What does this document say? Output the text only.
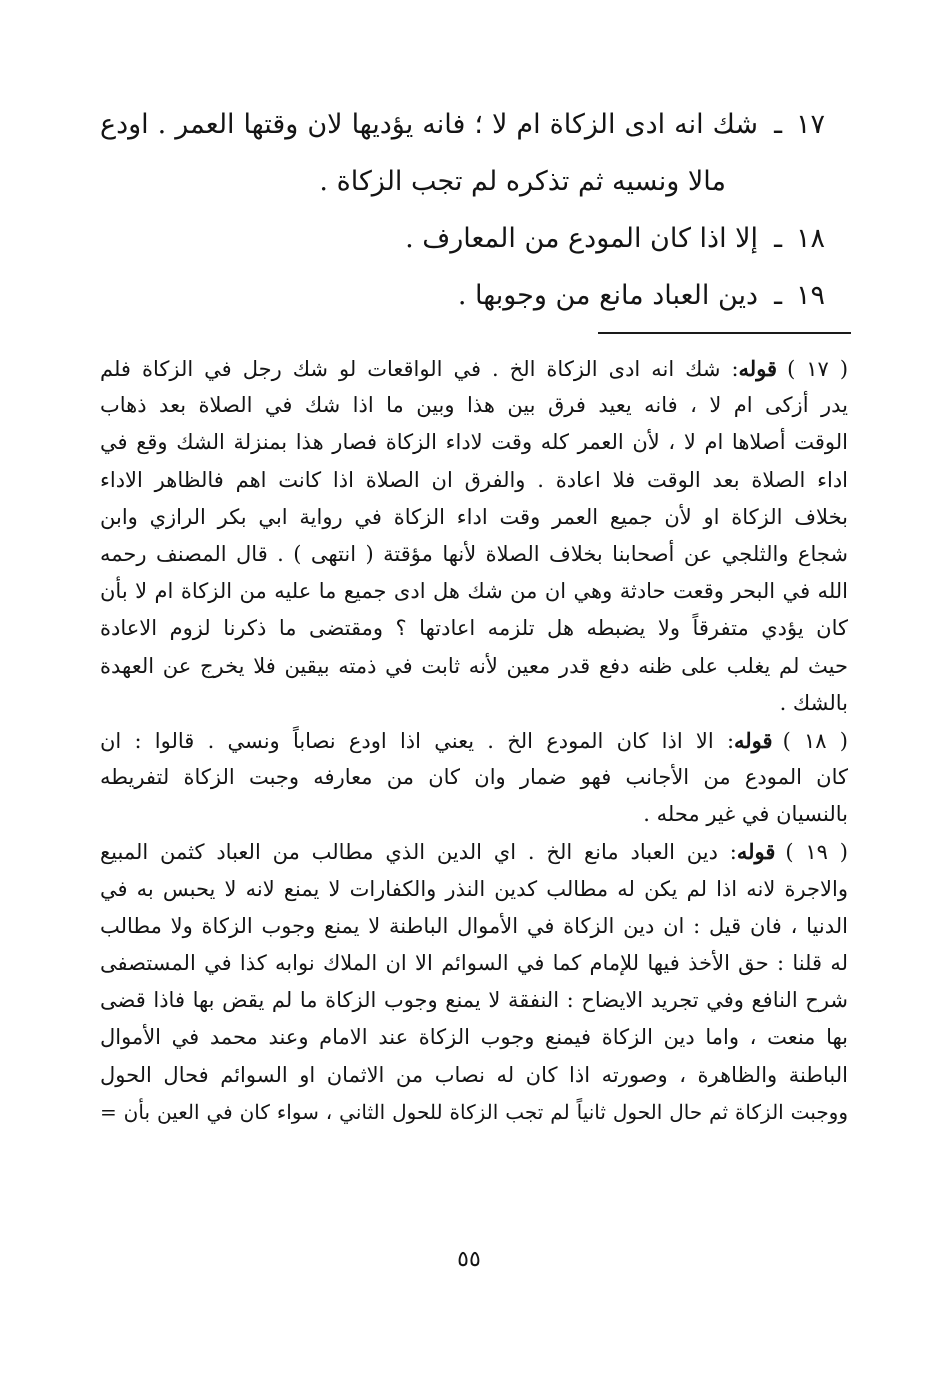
١٧ـشك انه ادى الزكاة ام لا ؛ فانه يؤديها لان وقتها العمر . اودع
مالا ونسيه ثم تذكره لم تجب الزكاة .
١٨ـإلا اذا كان المودع من المعارف .
١٩ـدين العباد مانع من وجوبها .
( ١٧ )قوله: شك انه ادى الزكاة الخ . في الواقعات لو شك رجل في الزكاة فلم
يدر أزكى ام لا ، فانه يعيد فرق بين هذا وبين ما اذا شك في الصلاة بعد ذهاب
الوقت أصلاها ام لا ، لأن العمر كله وقت لاداء الزكاة فصار هذا بمنزلة الشك وقع في
اداء الصلاة بعد الوقت فلا اعادة . والفرق ان الصلاة اذا كانت اهم فالظاهر الاداء
بخلاف الزكاة او لأن جميع العمر وقت اداء الزكاة في رواية ابي بكر الرازي وابن
شجاع والثلجي عن أصحابنا بخلاف الصلاة لأنها مؤقتة ( انتهى ) . قال المصنف رحمه
الله في البحر وقعت حادثة وهي ان من شك هل ادى جميع ما عليه من الزكاة ام لا بأن
كان يؤدي متفرقاً ولا يضبطه هل تلزمه اعادتها ؟ ومقتضى ما ذكرنا لزوم الاعادة
حيث لم يغلب على ظنه دفع قدر معين لأنه ثابت في ذمته بيقين فلا يخرج عن العهدة
بالشك .
( ١٨ )قوله: الا اذا كان المودع الخ . يعني اذا اودع نصاباً ونسي . قالوا : ان
كان المودع من الأجانب فهو ضمار وان كان من معارفه وجبت الزكاة لتفريطه
بالنسيان في غير محله .
( ١٩ )قوله: دين العباد مانع الخ . اي الدين الذي مطالب من العباد كثمن المبيع
والاجرة لانه اذا لم يكن له مطالب كدين النذر والكفارات لا يمنع لانه لا يحبس به في
الدنيا ، فان قيل : ان دين الزكاة في الأموال الباطنة لا يمنع وجوب الزكاة ولا مطالب
له قلنا : حق الأخذ فيها للإمام كما في السوائم الا ان الملاك نوابه كذا في المستصفى
شرح النافع وفي تجريد الايضاح : النفقة لا يمنع وجوب الزكاة ما لم يقض بها فاذا قضى
بها منعت ، واما دين الزكاة فيمنع وجوب الزكاة عند الامام وعند محمد في الأموال
الباطنة والظاهرة ، وصورته اذا كان له نصاب من الاثمان او السوائم فحال الحول
ووجبت الزكاة ثم حال الحول ثانياً لم تجب الزكاة للحول الثاني ، سواء كان في العين بأن =
٥٥
